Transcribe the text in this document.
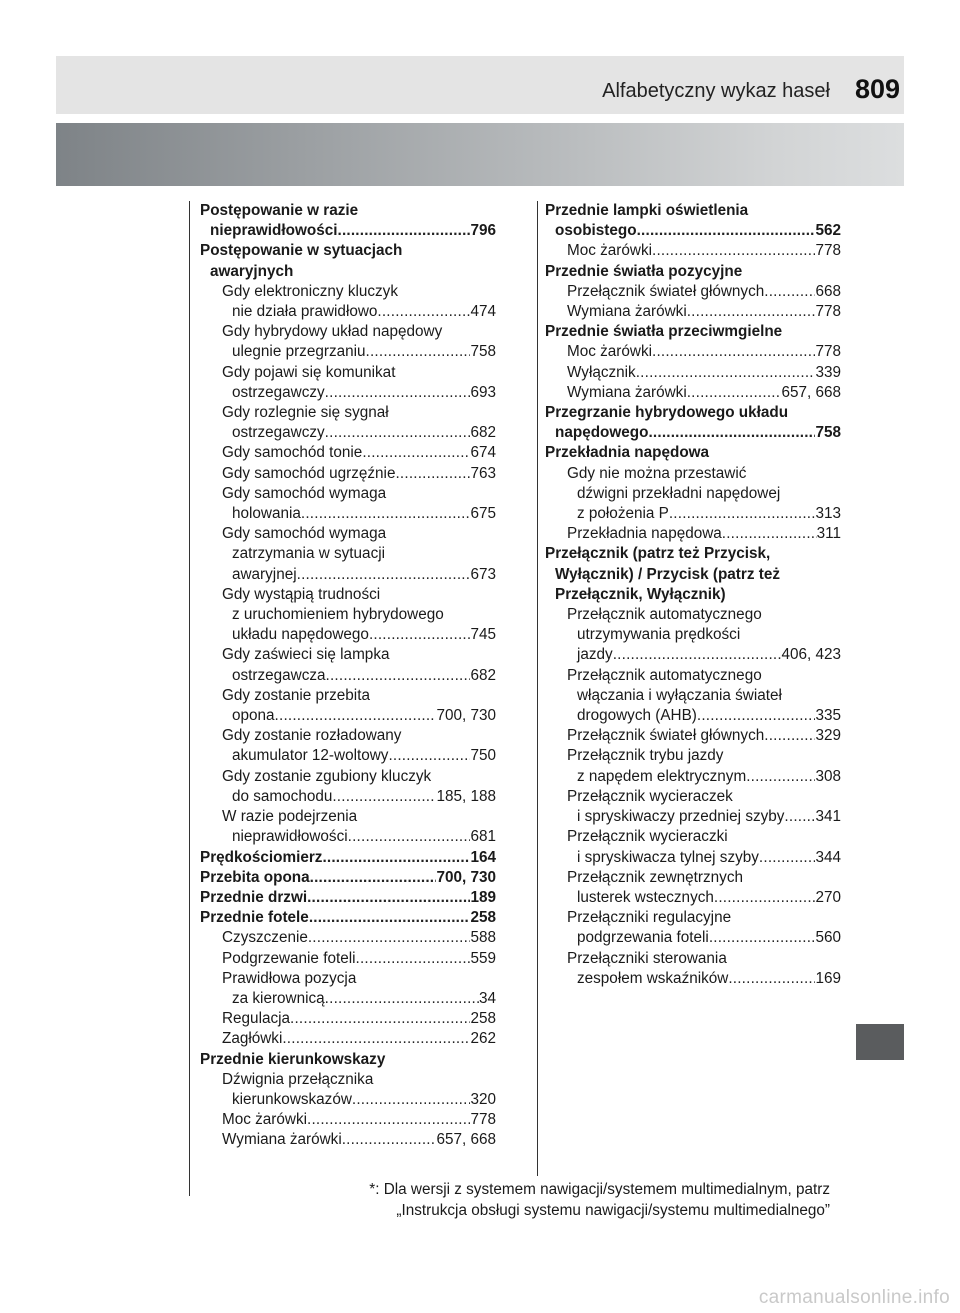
Alfabetyczny wykaz haseł 809
Postępowanie w razie
nieprawidłowości .....	796
Postępowanie w sytuacjach
awaryjnych
Gdy elektroniczny kluczyk
nie działa prawidłowo .....	474
Gdy hybrydowy układ napędowy
ulegnie przegrzaniu .....	758
Gdy pojawi się komunikat
ostrzegawczy .....	693
Gdy rozlegnie się sygnał
ostrzegawczy .....	682
Gdy samochód tonie .....	674
Gdy samochód ugrzęźnie .....	763
Gdy samochód wymaga
holowania .....	675
Gdy samochód wymaga
zatrzymania w sytuacji
awaryjnej .....	673
Gdy wystąpią trudności
z uruchomieniem hybrydowego
układu napędowego .....	745
Gdy zaświeci się lampka
ostrzegawcza .....	682
Gdy zostanie przebita
opona .....	700, 730
Gdy zostanie rozładowany
akumulator 12-woltowy .....	750
Gdy zostanie zgubiony kluczyk
do samochodu .....	185, 188
W razie podejrzenia
nieprawidłowości .....	681
Prędkościomierz .....	164
Przebita opona .....	700, 730
Przednie drzwi .....	189
Przednie fotele .....	258
Czyszczenie .....	588
Podgrzewanie foteli .....	559
Prawidłowa pozycja
za kierownicą .....	34
Regulacja .....	258
Zagłówki .....	262
Przednie kierunkowskazy
Dźwignia przełącznika
kierunkowskazów .....	320
Moc żarówki .....	778
Wymiana żarówki .....	657, 668
Przednie lampki oświetlenia
osobistego .....	562
Moc żarówki .....	778
Przednie światła pozycyjne
Przełącznik świateł głównych .....	668
Wymiana żarówki .....	778
Przednie światła przeciwmgielne
Moc żarówki .....	778
Wyłącznik .....	339
Wymiana żarówki .....	657, 668
Przegrzanie hybrydowego układu
napędowego .....	758
Przekładnia napędowa
Gdy nie można przestawić
dźwigni przekładni napędowej
z położenia P .....	313
Przekładnia napędowa .....	311
Przełącznik (patrz też Przycisk,
Wyłącznik) / Przycisk (patrz też
Przełącznik, Wyłącznik)
Przełącznik automatycznego
utrzymywania prędkości
jazdy .....	406, 423
Przełącznik automatycznego
włączania i wyłączania świateł
drogowych (AHB) .....	335
Przełącznik świateł głównych .....	329
Przełącznik trybu jazdy
z napędem elektrycznym .....	308
Przełącznik wycieraczek
i spryskiwaczy przedniej szyby ..... 341
Przełącznik wycieraczki
i spryskiwacza tylnej szyby .....	344
Przełącznik zewnętrznych
lusterek wstecznych .....	270
Przełączniki regulacyjne
podgrzewania foteli .....	560
Przełączniki sterowania
zespołem wskaźników .....	169
*: Dla wersji z systemem nawigacji/systemem multimedialnym, patrz
„Instrukcja obsługi systemu nawigacji/systemu multimedialnego”
carmanualsonline.info
